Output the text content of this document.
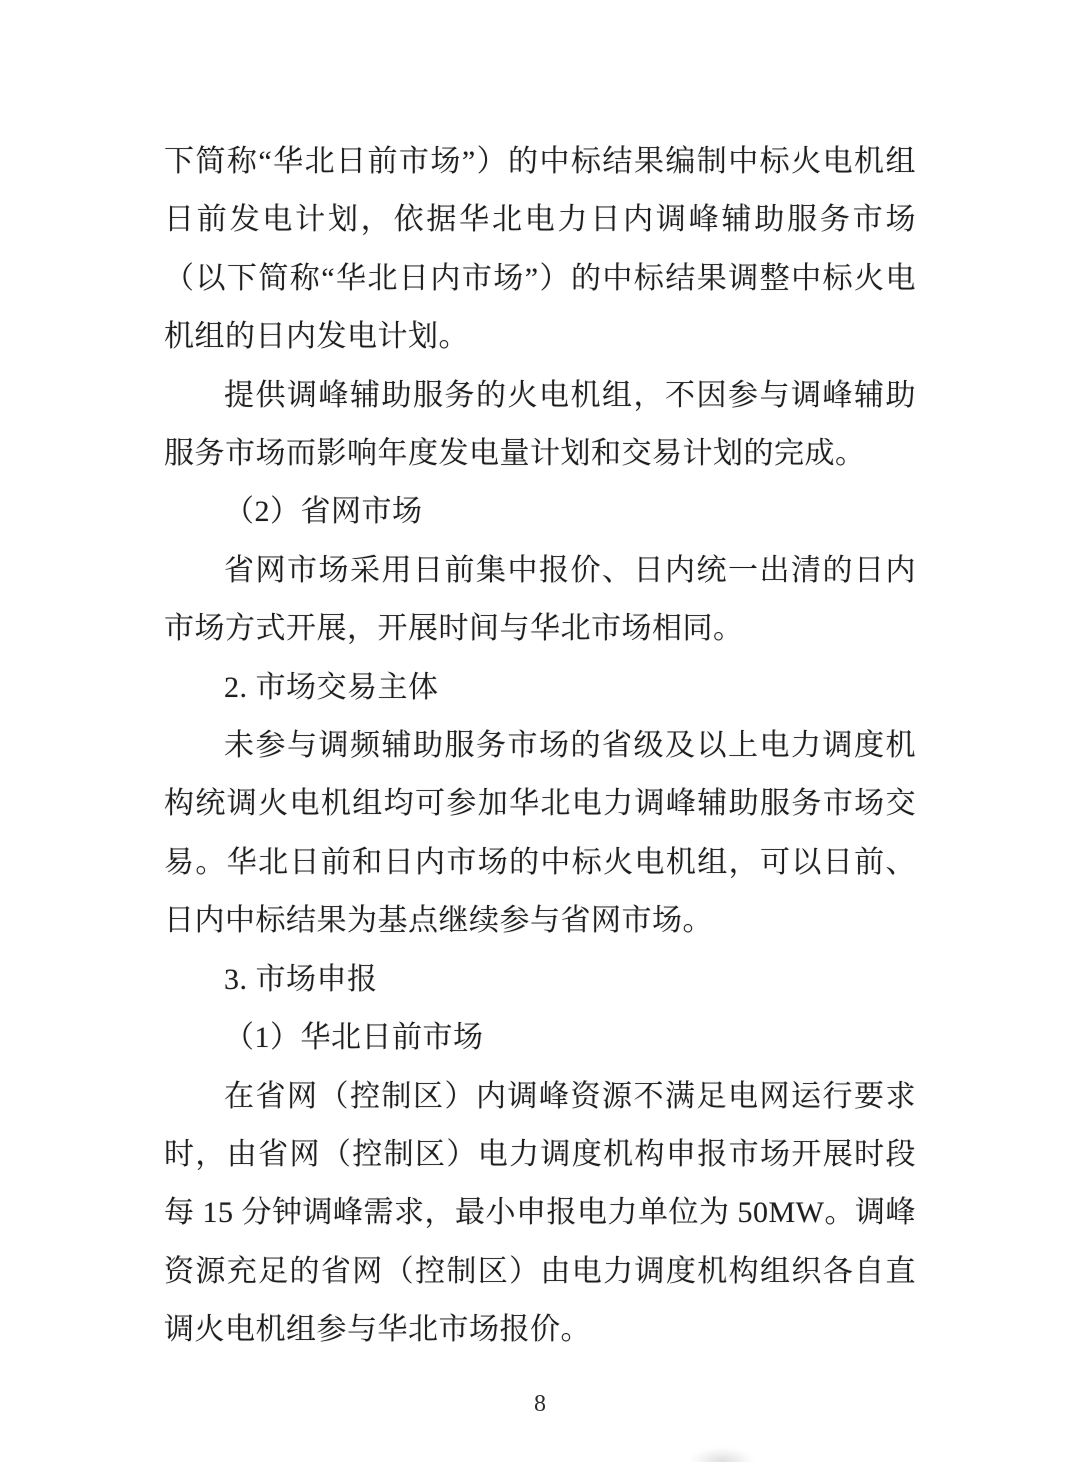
下简称“华北日前市场”）的中标结果编制中标火电机组日前发电计划，依据华北电力日内调峰辅助服务市场（以下简称“华北日内市场”）的中标结果调整中标火电机组的日内发电计划。

提供调峰辅助服务的火电机组，不因参与调峰辅助服务市场而影响年度发电量计划和交易计划的完成。

（2）省网市场

省网市场采用日前集中报价、日内统一出清的日内市场方式开展，开展时间与华北市场相同。

2. 市场交易主体

未参与调频辅助服务市场的省级及以上电力调度机构统调火电机组均可参加华北电力调峰辅助服务市场交易。华北日前和日内市场的中标火电机组，可以日前、日内中标结果为基点继续参与省网市场。

3. 市场申报

（1）华北日前市场

在省网（控制区）内调峰资源不满足电网运行要求时，由省网（控制区）电力调度机构申报市场开展时段每 15 分钟调峰需求，最小申报电力单位为 50MW。调峰资源充足的省网（控制区）由电力调度机构组织各自直调火电机组参与华北市场报价。

8
